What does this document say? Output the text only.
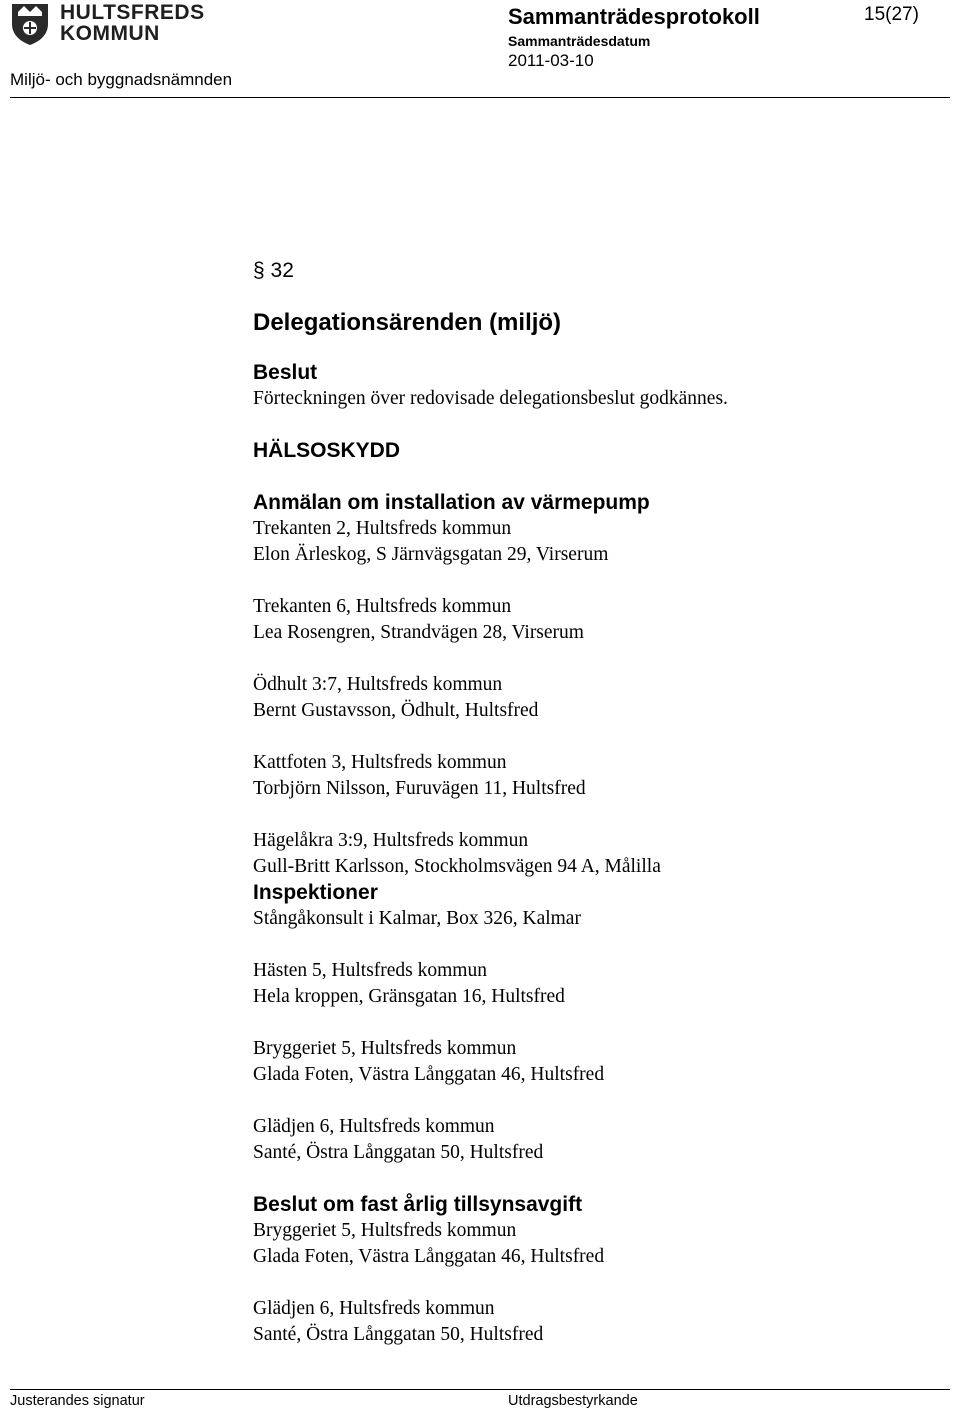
HULTSFREDS
KOMMUN
Sammanträdesprotokoll	15(27)
Sammanträdesdatum
2011-03-10
Miljö- och byggnadsnämnden
§ 32
Delegationsärenden (miljö)
Beslut
Förteckningen över redovisade delegationsbeslut godkännes.
HÄLSOSKYDD
Anmälan om installation av värmepump
Trekanten 2, Hultsfreds kommun
Elon Ärleskog, S Järnvägsgatan 29, Virserum
Trekanten 6, Hultsfreds kommun
Lea Rosengren, Strandvägen 28, Virserum
Ödhult 3:7, Hultsfreds kommun
Bernt Gustavsson, Ödhult, Hultsfred
Kattfoten 3, Hultsfreds kommun
Torbjörn Nilsson, Furuvägen 11, Hultsfred
Hägelåkra 3:9, Hultsfreds kommun
Gull-Britt Karlsson, Stockholmsvägen 94 A, Målilla
Inspektioner
Stångåkonsult i Kalmar, Box 326, Kalmar
Hästen 5, Hultsfreds kommun
Hela kroppen, Gränsgatan 16, Hultsfred
Bryggeriet 5, Hultsfreds kommun
Glada Foten, Västra Långgatan 46, Hultsfred
Glädjen 6, Hultsfreds kommun
Santé, Östra Långgatan 50, Hultsfred
Beslut om fast årlig tillsynsavgift
Bryggeriet 5, Hultsfreds kommun
Glada Foten, Västra Långgatan 46, Hultsfred
Glädjen 6, Hultsfreds kommun
Santé, Östra Långgatan 50, Hultsfred
Justerandes signatur	Utdragsbestyrkande
